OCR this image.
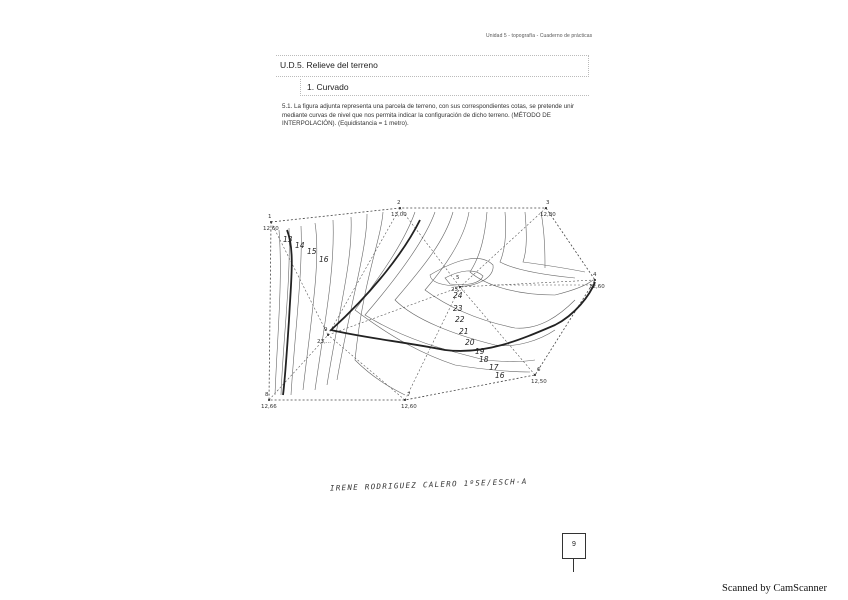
Unidad 5 - topografía - Cuaderno de prácticas
U.D.5. Relieve del terreno
1. Curvado
5.1. La figura adjunta representa una parcela de terreno, con sus correspondientes cotas, se pretende unir mediante curvas de nivel que nos permita indicar la configuración de dicho terreno. (MÉTODO DE INTERPOLACIÓN). (Equidistancia = 1 metro).
1
12,60
2
13,00
3
12,80
4
12,60
5
25,...
6
12,50
7
12,60
8
12,66
9
23,...
13
14
15
16
24
23
22
21
20
19
18
17
16
IRENE RODRIGUEZ CALERO 1ºSE/ESCH-A
9
Scanned by CamScanner
